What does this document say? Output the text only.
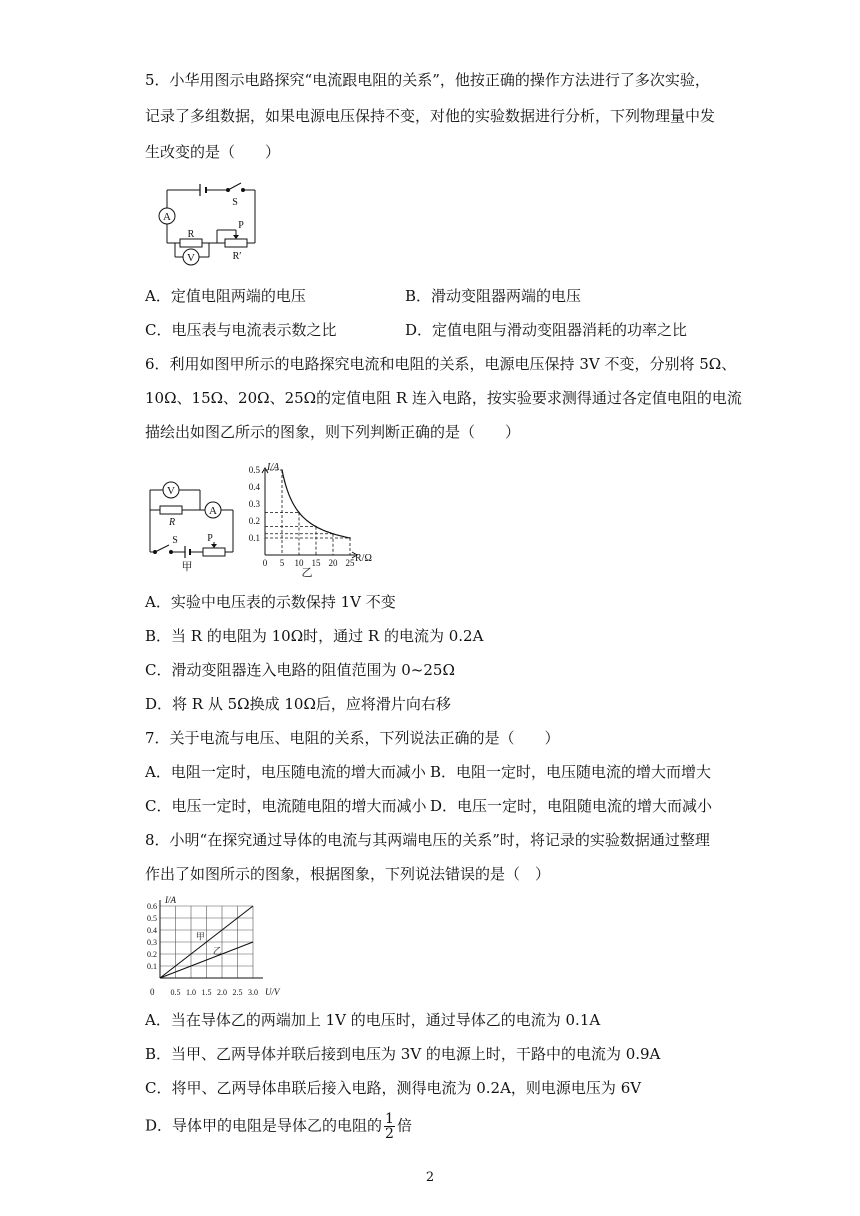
5．小华用图示电路探究“电流跟电阻的关系”，他按正确的操作方法进行了多次实验，
记录了多组数据，如果电源电压保持不变，对他的实验数据进行分析，下列物理量中发
生改变的是（　　）
A
V
S
R
P
R′
A．定值电阻两端的电压	B．滑动变阻器两端的电压
C．电压表与电流表示数之比	D．定值电阻与滑动变阻器消耗的功率之比
6．利用如图甲所示的电路探究电流和电阻的关系，电源电压保持 3V 不变，分别将 5Ω、
10Ω、15Ω、20Ω、25Ω的定值电阻 R 连入电路，按实验要求测得通过各定值电阻的电流
描绘出如图乙所示的图象，则下列判断正确的是（　　）
V
A
R
S	P
甲
I/A
R/Ω
乙
0.5
0.4
0.3
0.2
0.1
0 5 10 15 20 25
A．实验中电压表的示数保持 1V 不变
B．当 R 的电阻为 10Ω时，通过 R 的电流为 0.2A
C．滑动变阻器连入电路的阻值范围为 0~25Ω
D．将 R 从 5Ω换成 10Ω后，应将滑片向右移
7．关于电流与电压、电阻的关系，下列说法正确的是（　　）
A．电阻一定时，电压随电流的增大而减小 B．电阻一定时，电压随电流的增大而增大
C．电压一定时，电流随电阻的增大而减小 D．电压一定时，电阻随电流的增大而减小
8．小明“在探究通过导体的电流与其两端电压的关系”时，将记录的实验数据通过整理
作出了如图所示的图象，根据图象，下列说法错误的是（　）
I/A
U/V
0
0.6
0.5
0.4
0.3
0.2
0.1
0.5 1.0 1.5 2.0 2.5 3.0
甲
乙
A．当在导体乙的两端加上 1V 的电压时，通过导体乙的电流为 0.1A
B．当甲、乙两导体并联后接到电压为 3V 的电源上时，干路中的电流为 0.9A
C．将甲、乙两导体串联后接入电路，测得电流为 0.2A，则电源电压为 6V
D．导体甲的电阻是导体乙的电阻的 $\frac{1}{2}$ 倍
2
